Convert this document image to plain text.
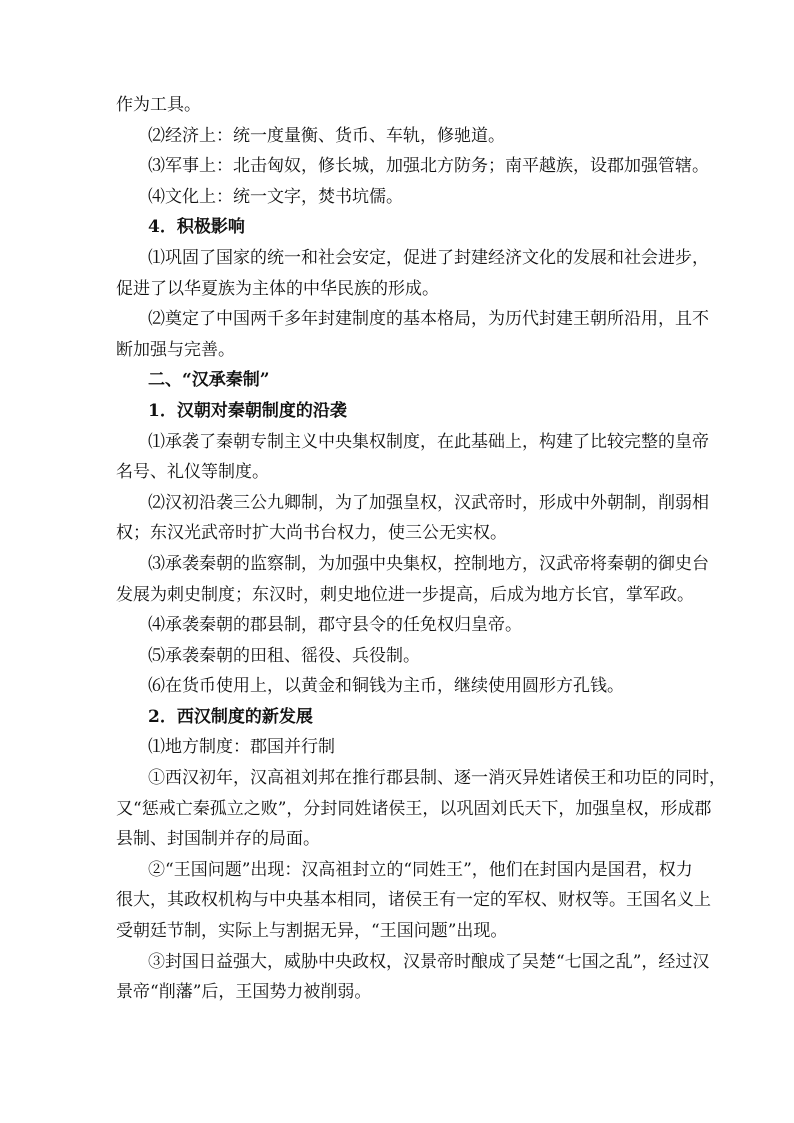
作为工具。
⑵经济上：统一度量衡、货币、车轨，修驰道。
⑶军事上：北击匈奴，修长城，加强北方防务；南平越族，设郡加强管辖。
⑷文化上：统一文字，焚书坑儒。
4．积极影响
⑴巩固了国家的统一和社会安定，促进了封建经济文化的发展和社会进步，
促进了以华夏族为主体的中华民族的形成。
⑵奠定了中国两千多年封建制度的基本格局，为历代封建王朝所沿用，且不
断加强与完善。
二、“汉承秦制”
1．汉朝对秦朝制度的沿袭
⑴承袭了秦朝专制主义中央集权制度，在此基础上，构建了比较完整的皇帝
名号、礼仪等制度。
⑵汉初沿袭三公九卿制，为了加强皇权，汉武帝时，形成中外朝制，削弱相
权；东汉光武帝时扩大尚书台权力，使三公无实权。
⑶承袭秦朝的监察制，为加强中央集权，控制地方，汉武帝将秦朝的御史台
发展为刺史制度；东汉时，刺史地位进一步提高，后成为地方长官，掌军政。
⑷承袭秦朝的郡县制，郡守县令的任免权归皇帝。
⑸承袭秦朝的田租、徭役、兵役制。
⑹在货币使用上，以黄金和铜钱为主币，继续使用圆形方孔钱。
2．西汉制度的新发展
⑴地方制度：郡国并行制
①西汉初年，汉高祖刘邦在推行郡县制、逐一消灭异姓诸侯王和功臣的同时，
又“惩戒亡秦孤立之败”，分封同姓诸侯王，以巩固刘氏天下，加强皇权，形成郡
县制、封国制并存的局面。
②“王国问题”出现：汉高祖封立的“同姓王”，他们在封国内是国君，权力
很大，其政权机构与中央基本相同，诸侯王有一定的军权、财权等。王国名义上
受朝廷节制，实际上与割据无异，“王国问题”出现。
③封国日益强大，威胁中央政权，汉景帝时酿成了吴楚“七国之乱”，经过汉
景帝“削藩”后，王国势力被削弱。
